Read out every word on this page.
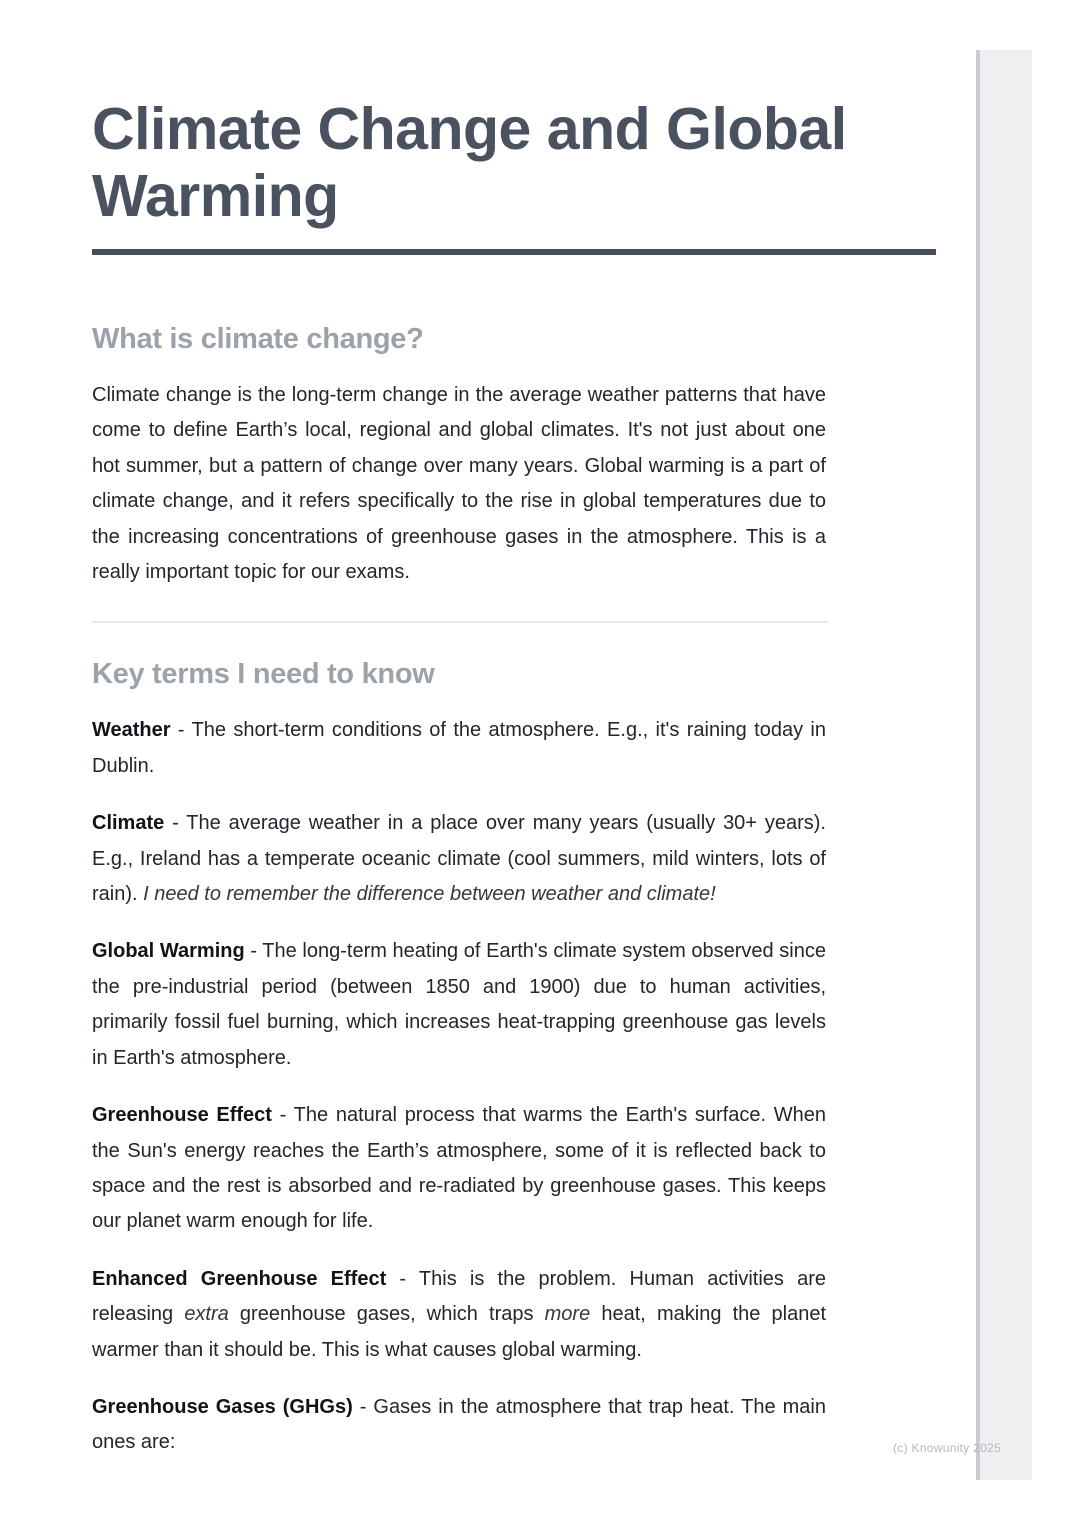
Climate Change and Global Warming
What is climate change?

Climate change is the long-term change in the average weather patterns that have come to define Earth’s local, regional and global climates. It's not just about one hot summer, but a pattern of change over many years. Global warming is a part of climate change, and it refers specifically to the rise in global temperatures due to the increasing concentrations of greenhouse gases in the atmosphere. This is a really important topic for our exams.

Key terms I need to know

Weather - The short-term conditions of the atmosphere. E.g., it's raining today in Dublin.

Climate - The average weather in a place over many years (usually 30+ years). E.g., Ireland has a temperate oceanic climate (cool summers, mild winters, lots of rain). I need to remember the difference between weather and climate!

Global Warming - The long-term heating of Earth's climate system observed since the pre-industrial period (between 1850 and 1900) due to human activities, primarily fossil fuel burning, which increases heat-trapping greenhouse gas levels in Earth's atmosphere.

Greenhouse Effect - The natural process that warms the Earth's surface. When the Sun's energy reaches the Earth’s atmosphere, some of it is reflected back to space and the rest is absorbed and re-radiated by greenhouse gases. This keeps our planet warm enough for life.

Enhanced Greenhouse Effect - This is the problem. Human activities are releasing extra greenhouse gases, which traps more heat, making the planet warmer than it should be. This is what causes global warming.

Greenhouse Gases (GHGs) - Gases in the atmosphere that trap heat. The main ones are:	(c) Knowunity 2025
